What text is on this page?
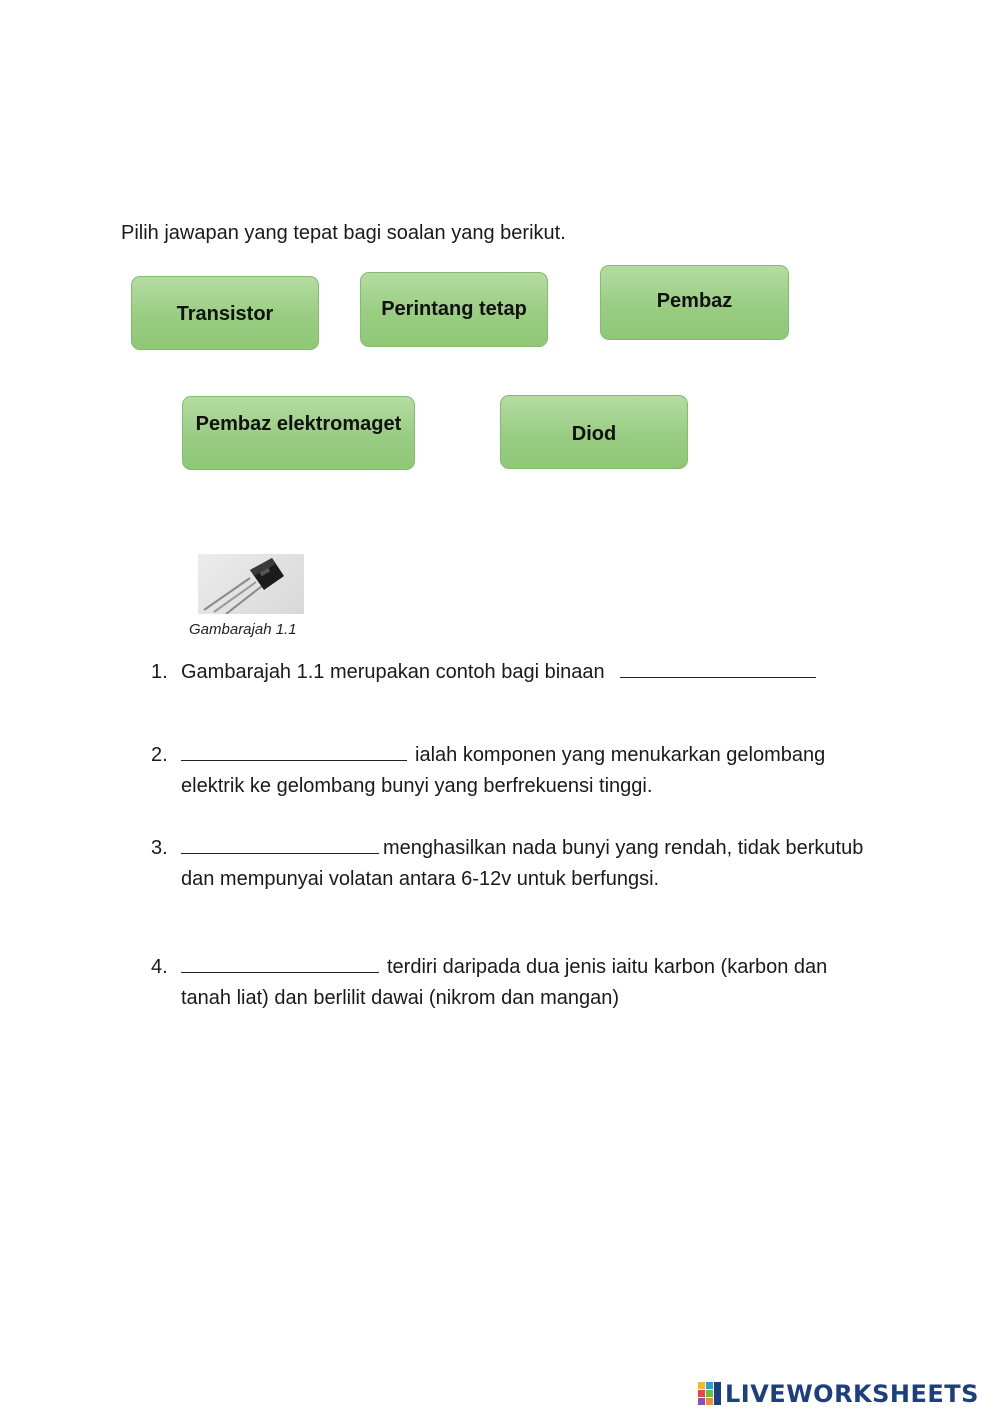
Pilih jawapan yang tepat bagi soalan yang berikut.
Transistor	Perintang tetap	Pembaz
Pembaz elektromaget	Diod
Gambarajah 1.1
1. Gambarajah 1.1 merupakan contoh bagi binaan
2.	ialah komponen yang menukarkan gelombang elektrik ke gelombang bunyi yang berfrekuensi tinggi.
3.	menghasilkan nada bunyi yang rendah, tidak berkutub dan mempunyai volatan antara 6-12v untuk berfungsi.
4.	terdiri daripada dua jenis iaitu karbon (karbon dan tanah liat) dan berlilit dawai (nikrom dan mangan)
LIVEWORKSHEETS
